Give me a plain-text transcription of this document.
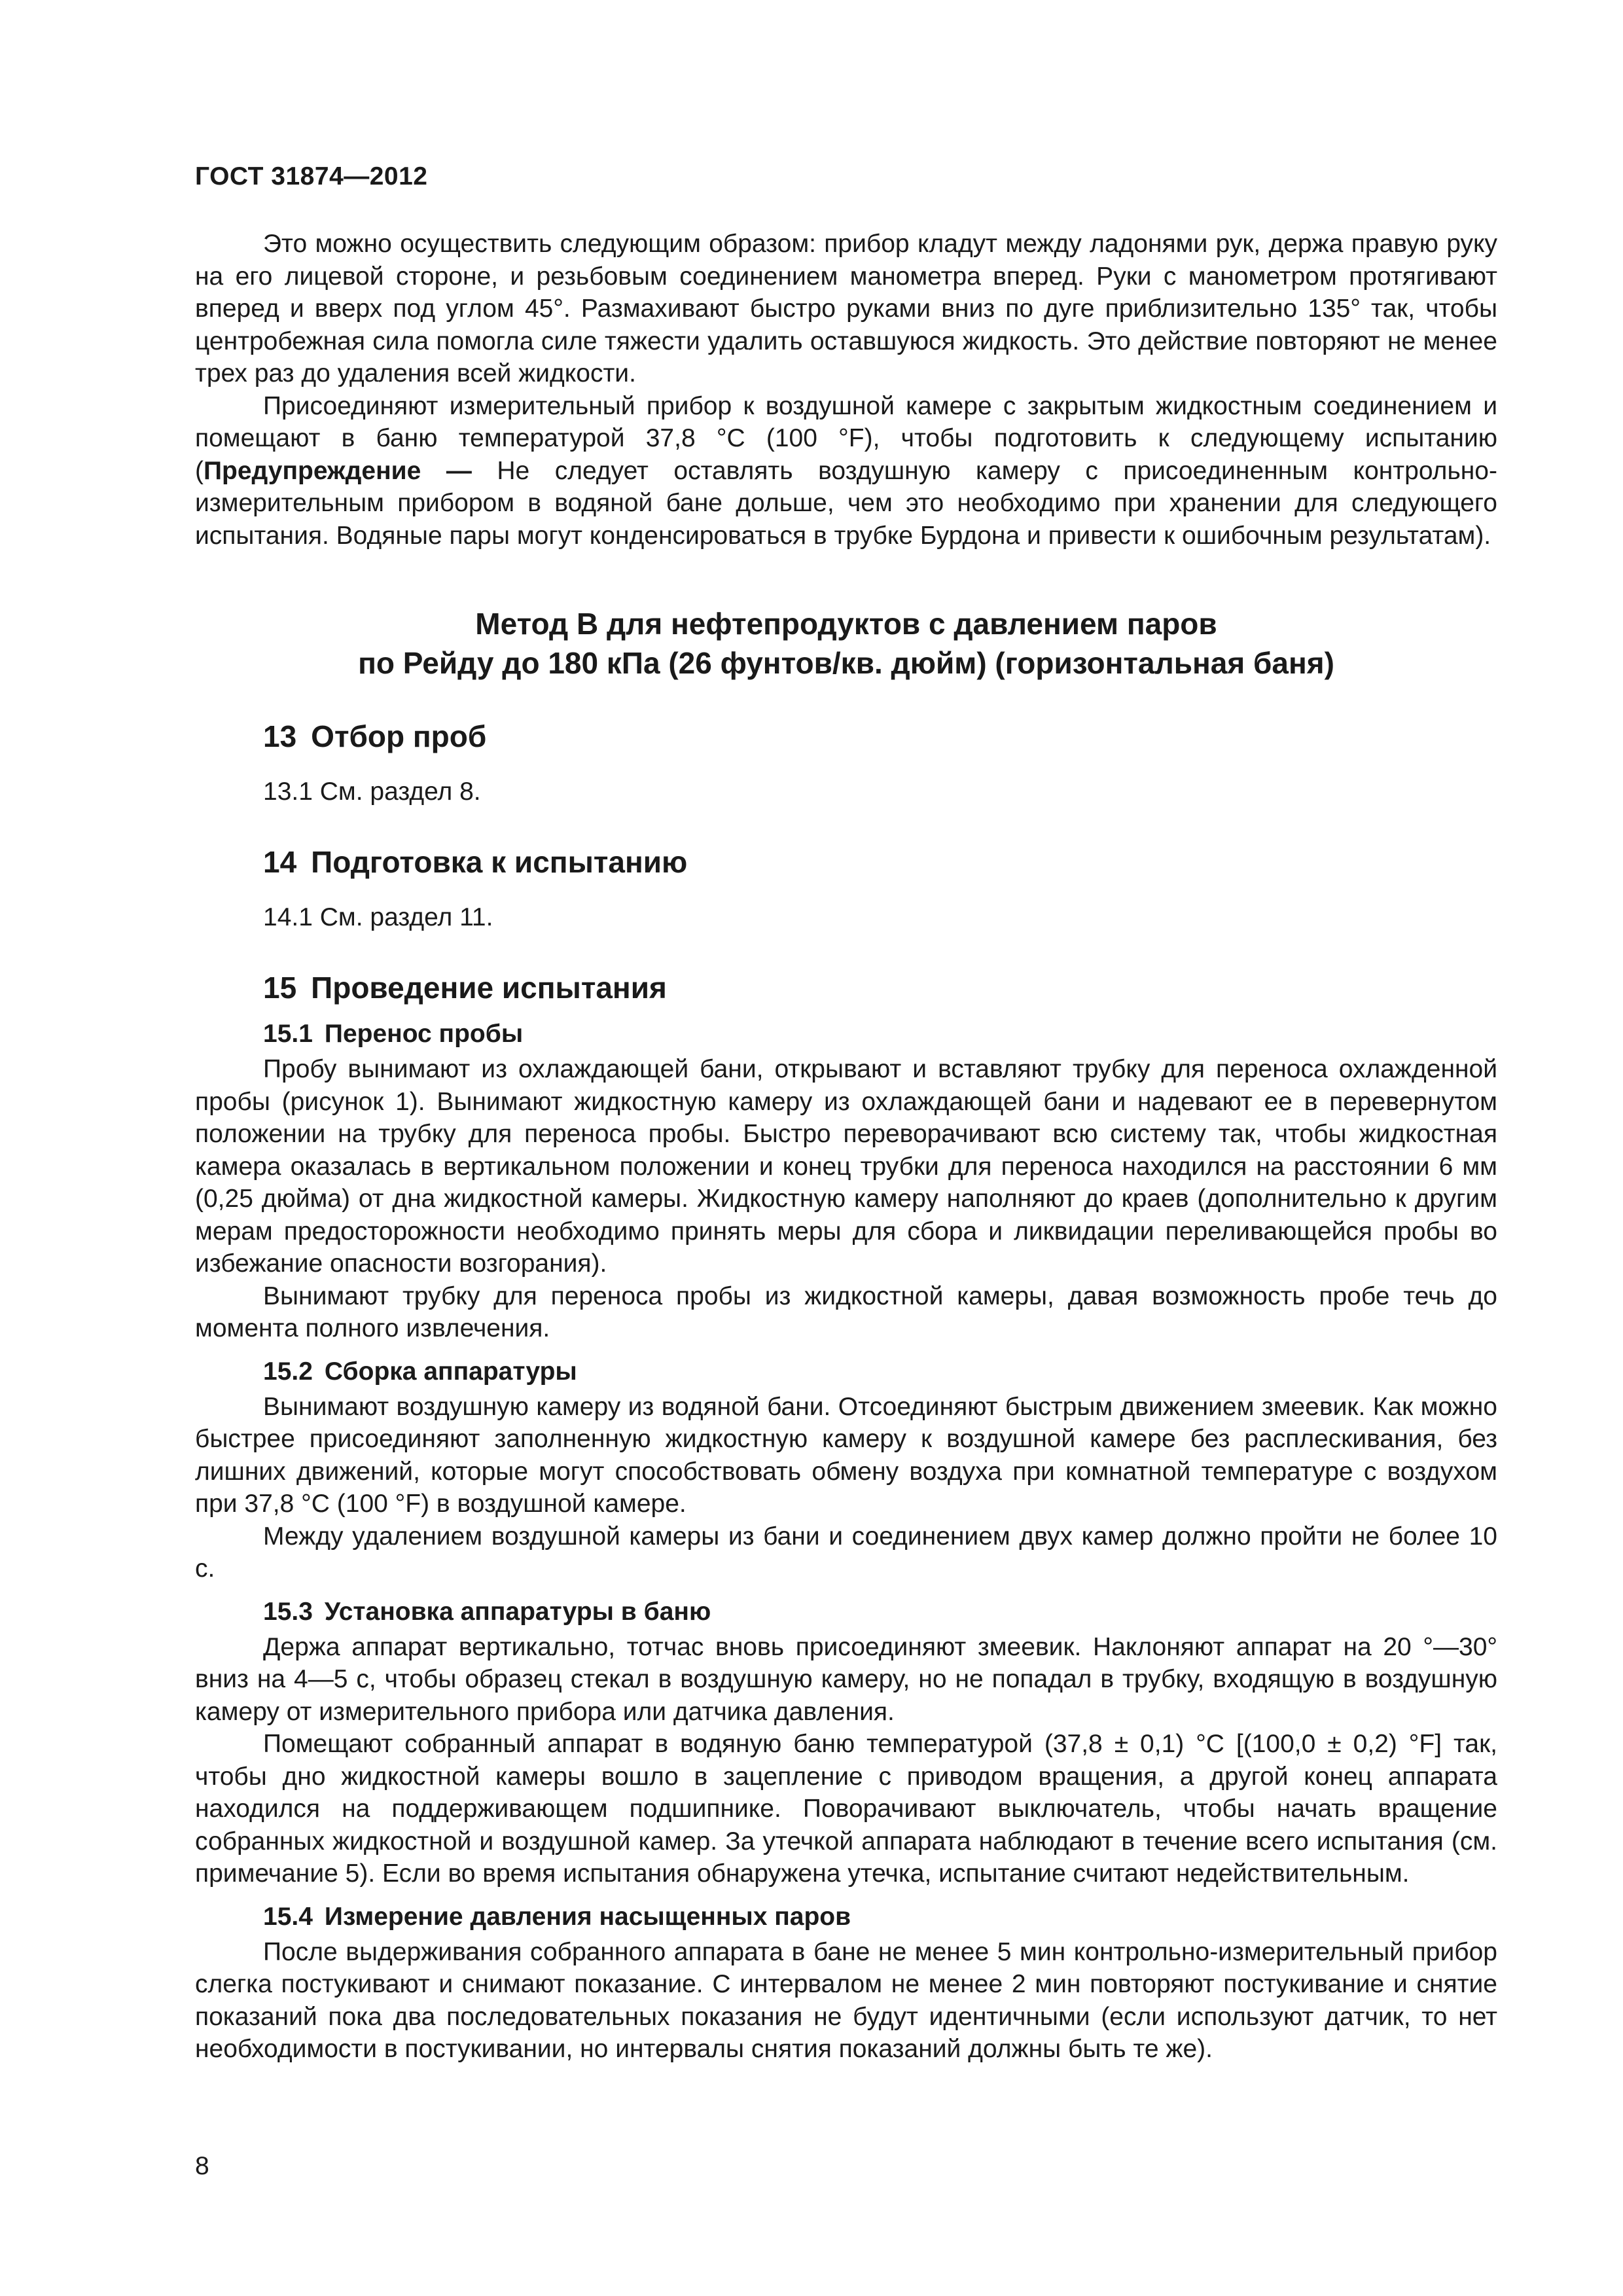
ГОСТ 31874—2012

Это можно осуществить следующим образом: прибор кладут между ладонями рук, держа правую руку на его лицевой стороне, и резьбовым соединением манометра вперед. Руки с манометром протягивают вперед и вверх под углом 45°. Размахивают быстро руками вниз по дуге приблизительно 135° так, чтобы центробежная сила помогла силе тяжести удалить оставшуюся жидкость. Это действие повторяют не менее трех раз до удаления всей жидкости.

Присоединяют измерительный прибор к воздушной камере с закрытым жидкостным соединением и помещают в баню температурой 37,8 °С (100 °F), чтобы подготовить к следующему испытанию (Предупреждение — Не следует оставлять воздушную камеру с присоединенным контрольно-измерительным прибором в водяной бане дольше, чем это необходимо при хранении для следующего испытания. Водяные пары могут конденсироваться в трубке Бурдона и привести к ошибочным результатам).

Метод В для нефтепродуктов с давлением паров
по Рейду до 180 кПа (26 фунтов/кв. дюйм) (горизонтальная баня)
13 Отбор проб
13.1 См. раздел 8.
14 Подготовка к испытанию
14.1 См. раздел 11.
15 Проведение испытания
15.1 Перенос пробы

Пробу вынимают из охлаждающей бани, открывают и вставляют трубку для переноса охлажденной пробы (рисунок 1). Вынимают жидкостную камеру из охлаждающей бани и надевают ее в перевернутом положении на трубку для переноса пробы. Быстро переворачивают всю систему так, чтобы жидкостная камера оказалась в вертикальном положении и конец трубки для переноса находился на расстоянии 6 мм (0,25 дюйма) от дна жидкостной камеры. Жидкостную камеру наполняют до краев (дополнительно к другим мерам предосторожности необходимо принять меры для сбора и ликвидации переливающейся пробы во избежание опасности возгорания).

Вынимают трубку для переноса пробы из жидкостной камеры, давая возможность пробе течь до момента полного извлечения.

15.2 Сборка аппаратуры

Вынимают воздушную камеру из водяной бани. Отсоединяют быстрым движением змеевик. Как можно быстрее присоединяют заполненную жидкостную камеру к воздушной камере без расплескивания, без лишних движений, которые могут способствовать обмену воздуха при комнатной температуре с воздухом при 37,8 °С (100 °F) в воздушной камере.

Между удалением воздушной камеры из бани и соединением двух камер должно пройти не более 10 с.

15.3 Установка аппаратуры в баню

Держа аппарат вертикально, тотчас вновь присоединяют змеевик. Наклоняют аппарат на 20 °—30° вниз на 4—5 с, чтобы образец стекал в воздушную камеру, но не попадал в трубку, входящую в воздушную камеру от измерительного прибора или датчика давления.

Помещают собранный аппарат в водяную баню температурой (37,8 ± 0,1) °С [(100,0 ± 0,2) °F] так, чтобы дно жидкостной камеры вошло в зацепление с приводом вращения, а другой конец аппарата находился на поддерживающем подшипнике. Поворачивают выключатель, чтобы начать вращение собранных жидкостной и воздушной камер. За утечкой аппарата наблюдают в течение всего испытания (см. примечание 5). Если во время испытания обнаружена утечка, испытание считают недействительным.

15.4 Измерение давления насыщенных паров

После выдерживания собранного аппарата в бане не менее 5 мин контрольно-измерительный прибор слегка постукивают и снимают показание. С интервалом не менее 2 мин повторяют постукивание и снятие показаний пока два последовательных показания не будут идентичными (если используют датчик, то нет необходимости в постукивании, но интервалы снятия показаний должны быть те же).

8
